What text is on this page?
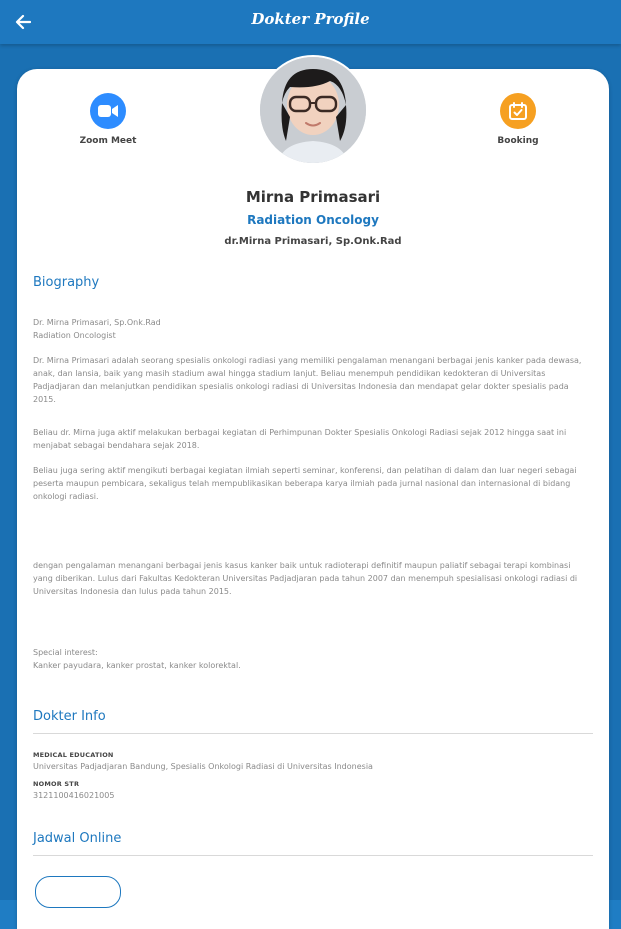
Dokter Profile
Zoom Meet	Booking
Mirna Primasari
Radiation Oncology
dr.Mirna Primasari, Sp.Onk.Rad
Biography

Dr. Mirna Primasari, Sp.Onk.Rad

Radiation Oncologist

Dr. Mirna Primasari adalah seorang spesialis onkologi radiasi yang memiliki pengalaman menangani berbagai jenis kanker pada dewasa, anak, dan lansia, baik yang masih stadium awal hingga stadium lanjut. Beliau menempuh pendidikan kedokteran di Universitas Padjadjaran dan melanjutkan pendidikan spesialis onkologi radiasi di Universitas Indonesia dan mendapat gelar dokter spesialis pada 2015.
Beliau dr. Mirna juga aktif melakukan berbagai kegiatan di Perhimpunan Dokter Spesialis Onkologi Radiasi sejak 2012 hingga saat ini menjabat sebagai bendahara sejak 2018.
Beliau juga sering aktif mengikuti berbagai kegiatan ilmiah seperti seminar, konferensi, dan pelatihan di dalam dan luar negeri sebagai peserta maupun pembicara, sekaligus telah mempublikasikan beberapa karya ilmiah pada jurnal nasional dan internasional di bidang onkologi radiasi.
dengan pengalaman menangani berbagai jenis kasus kanker baik untuk radioterapi definitif maupun paliatif sebagai terapi kombinasi yang diberikan. Lulus dari Fakultas Kedokteran Universitas Padjadjaran pada tahun 2007 dan menempuh spesialisasi onkologi radiasi di Universitas Indonesia dan lulus pada tahun 2015.

Special interest:

Kanker payudara, kanker prostat, kanker kolorektal.

Dokter Info
MEDICAL EDUCATION
Universitas Padjadjaran Bandung, Spesialis Onkologi Radiasi di Universitas Indonesia
NOMOR STR
3121100416021005
Jadwal Online
